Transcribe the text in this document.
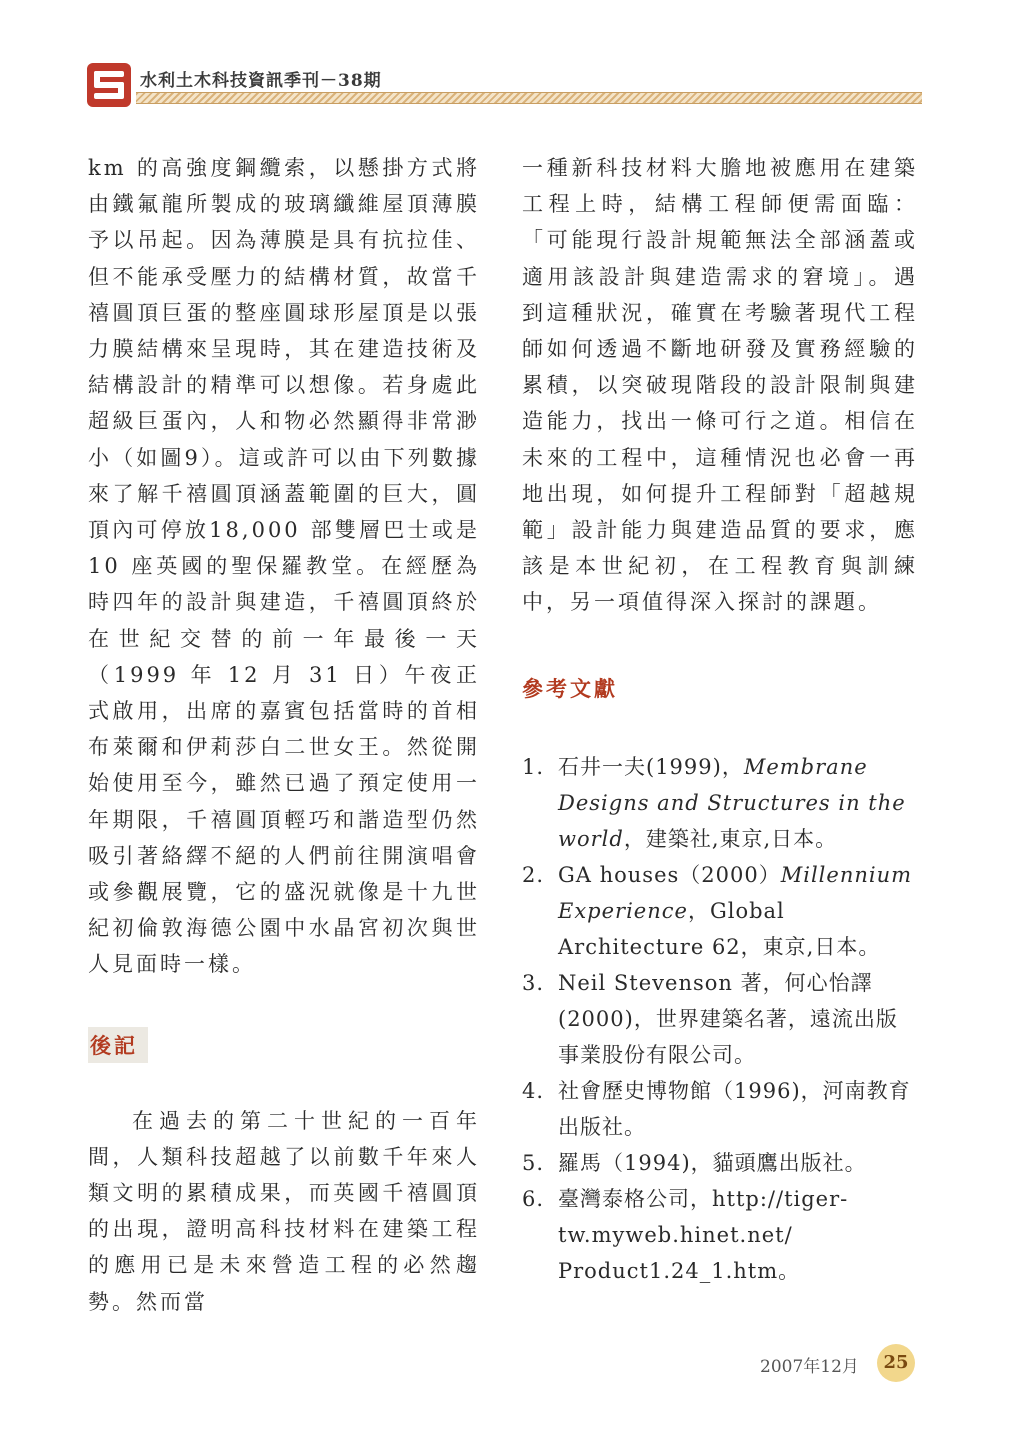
水利土木科技資訊季刊－38期

km 的高強度鋼纜索，以懸掛方式將由鐵氟龍所製成的玻璃纖維屋頂薄膜予以吊起。因為薄膜是具有抗拉佳、但不能承受壓力的結構材質，故當千禧圓頂巨蛋的整座圓球形屋頂是以張力膜結構來呈現時，其在建造技術及結構設計的精準可以想像。若身處此超級巨蛋內，人和物必然顯得非常渺小（如圖9）。這或許可以由下列數據來了解千禧圓頂涵蓋範圍的巨大，圓頂內可停放18,000 部雙層巴士或是 10 座英國的聖保羅教堂。在經歷為時四年的設計與建造，千禧圓頂終於在世紀交替的前一年最後一天（1999 年 12 月 31 日）午夜正式啟用，出席的嘉賓包括當時的首相布萊爾和伊莉莎白二世女王。然從開始使用至今，雖然已過了預定使用一年期限，千禧圓頂輕巧和諧造型仍然吸引著絡繹不絕的人們前往開演唱會或參觀展覽，它的盛況就像是十九世紀初倫敦海德公園中水晶宮初次與世人見面時一樣。

後記

在過去的第二十世紀的一百年間，人類科技超越了以前數千年來人類文明的累積成果，而英國千禧圓頂的出現，證明高科技材料在建築工程的應用已是未來營造工程的必然趨勢。然而當

一種新科技材料大膽地被應用在建築工程上時，結構工程師便需面臨：「可能現行設計規範無法全部涵蓋或適用該設計與建造需求的窘境」。遇到這種狀況，確實在考驗著現代工程師如何透過不斷地研發及實務經驗的累積，以突破現階段的設計限制與建造能力，找出一條可行之道。相信在未來的工程中，這種情況也必會一再地出現，如何提升工程師對「超越規範」設計能力與建造品質的要求，應該是本世紀初，在工程教育與訓練中，另一項值得深入探討的課題。

參考文獻
1. 石井一夫(1999)，Membrane Designs and Structures in the world，建築社,東京,日本。
2. GA houses（2000）Millennium Experience，Global Architecture 62，東京,日本。
3. Neil Stevenson 著，何心怡譯(2000)，世界建築名著，遠流出版事業股份有限公司。
4. 社會歷史博物館（1996)，河南教育出版社。
5. 羅馬（1994)，貓頭鷹出版社。
6. 臺灣泰格公司，http://tiger-tw.myweb.hinet.net/ Product1.24_1.htm。
2007年12月	25
